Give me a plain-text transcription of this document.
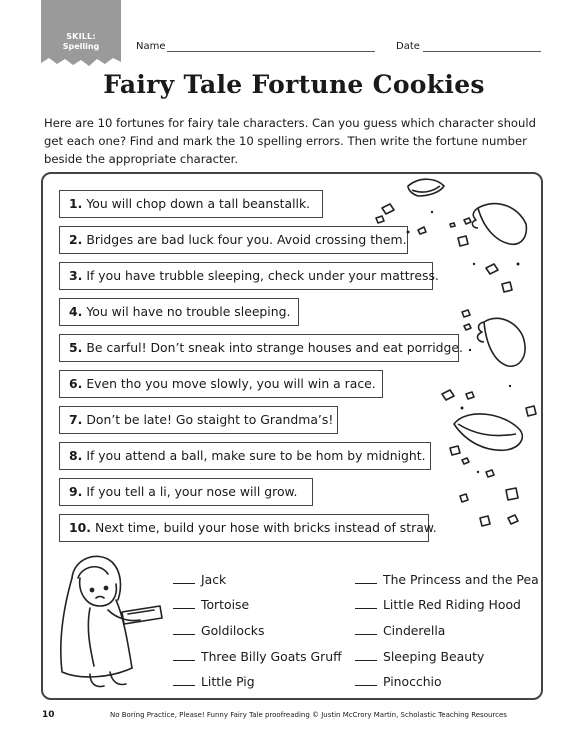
SKILL:
Spelling	Name	Date
Fairy Tale Fortune Cookies
Here are 10 fortunes for fairy tale characters. Can you guess which character should get each one? Find and mark the 10 spelling errors. Then write the fortune number beside the appropriate character.
1. You will chop down a tall beanstallk.
2. Bridges are bad luck four you. Avoid crossing them.
3. If you have trubble sleeping, check under your mattress.
4. You wil have no trouble sleeping.
5. Be carful! Don’t sneak into strange houses and eat porridge.
6. Even tho you move slowly, you will win a race.
7. Don’t be late! Go staight to Grandma’s!
8. If you attend a ball, make sure to be hom by midnight.
9. If you tell a li, your nose will grow.
10. Next time, build your hose with bricks instead of straw.
Jack
Tortoise
Goldilocks
Three Billy Goats Gruff
Little Pig
The Princess and the Pea
Little Red Riding Hood
Cinderella
Sleeping Beauty
Pinocchio
10	No Boring Practice, Please! Funny Fairy Tale proofreading © Justin McCrory Martin, Scholastic Teaching Resources
